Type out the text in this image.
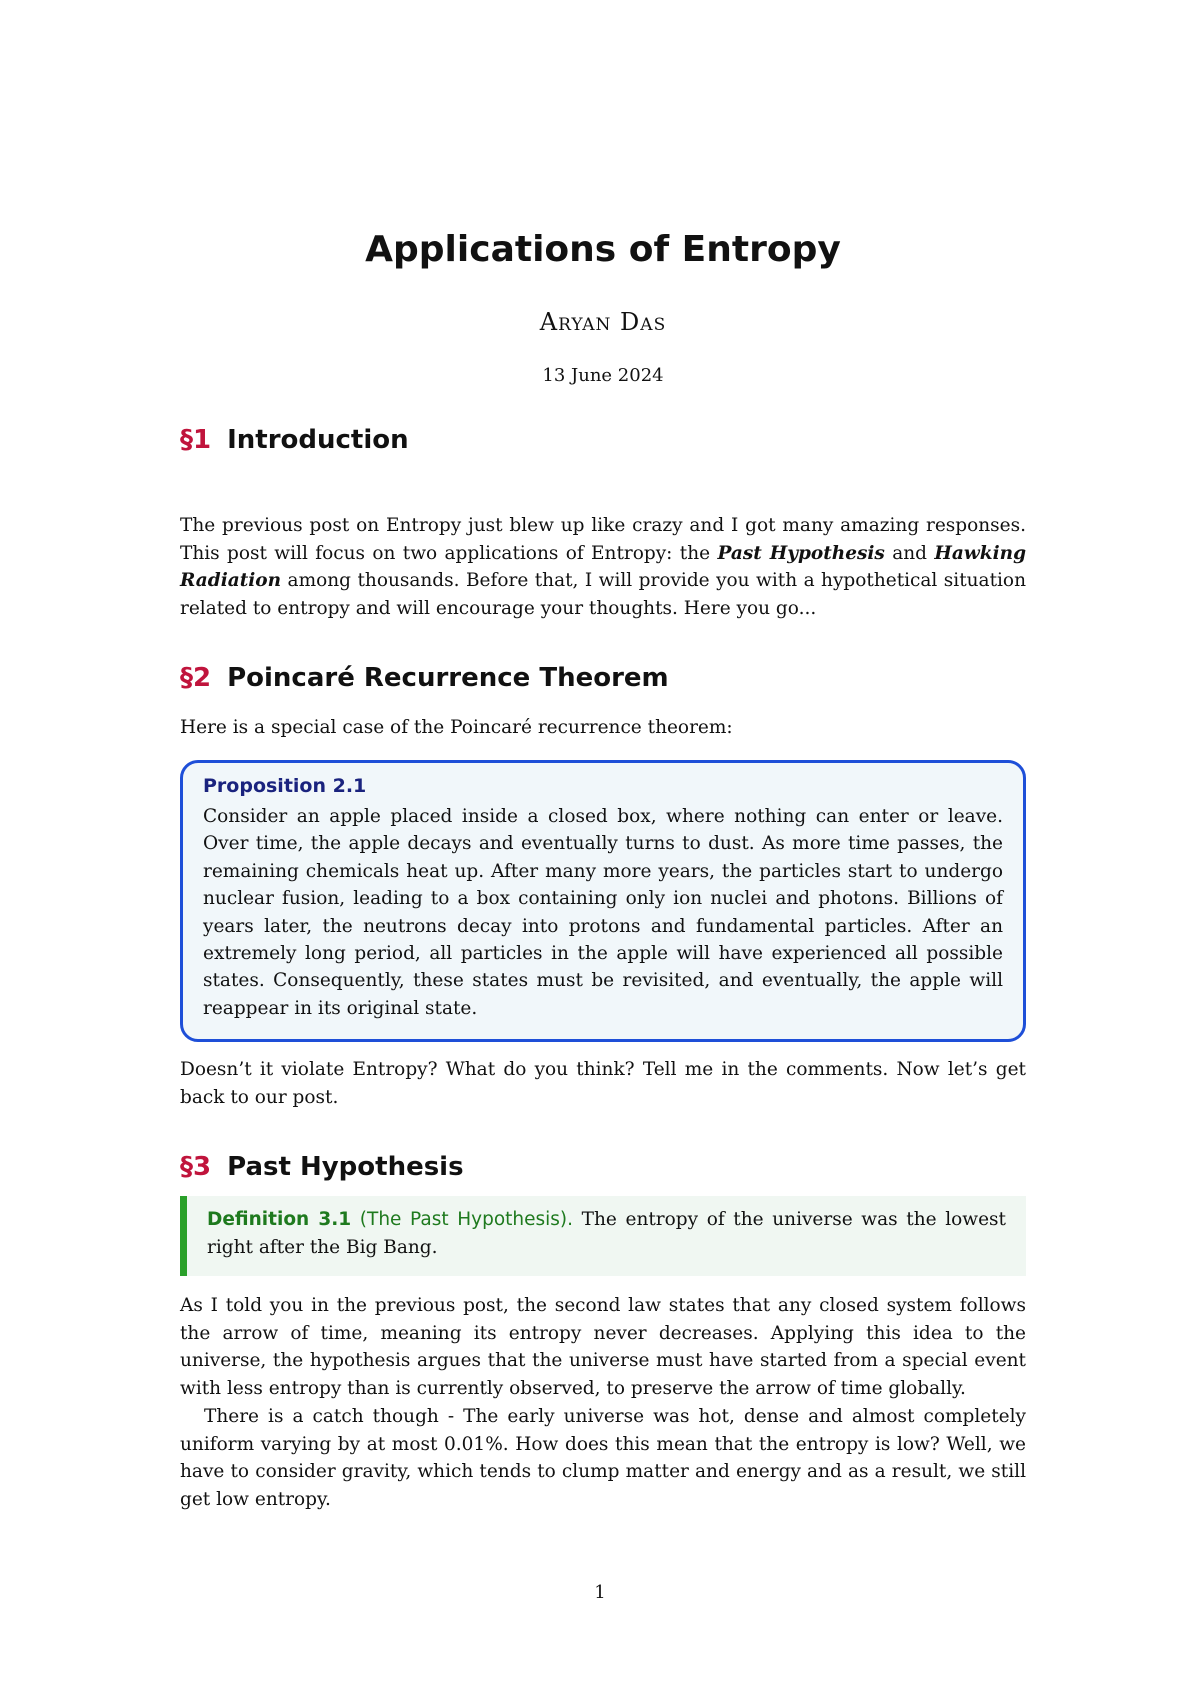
Applications of Entropy
Aryan Das
13 June 2024
§1 Introduction

The previous post on Entropy just blew up like crazy and I got many amazing responses. This post will focus on two applications of Entropy: the Past Hypothesis and Hawking Radiation among thousands. Before that, I will provide you with a hypothetical situation related to entropy and will encourage your thoughts. Here you go...

§2 Poincaré Recurrence Theorem

Here is a special case of the Poincaré recurrence theorem:

Proposition 2.1

Consider an apple placed inside a closed box, where nothing can enter or leave. Over time, the apple decays and eventually turns to dust. As more time passes, the remaining chemicals heat up. After many more years, the particles start to undergo nuclear fusion, leading to a box containing only ion nuclei and photons. Billions of years later, the neutrons decay into protons and fundamental particles. After an extremely long period, all particles in the apple will have experienced all possible states. Consequently, these states must be revisited, and eventually, the apple will reappear in its original state.

Doesn’t it violate Entropy? What do you think? Tell me in the comments. Now let’s get back to our post.

§3 Past Hypothesis
Definition 3.1 (The Past Hypothesis). The entropy of the universe was the lowest right after the Big Bang.

As I told you in the previous post, the second law states that any closed system follows the arrow of time, meaning its entropy never decreases. Applying this idea to the universe, the hypothesis argues that the universe must have started from a special event with less entropy than is currently observed, to preserve the arrow of time globally.

There is a catch though - The early universe was hot, dense and almost completely uniform varying by at most 0.01%. How does this mean that the entropy is low? Well, we have to consider gravity, which tends to clump matter and energy and as a result, we still get low entropy.

1
